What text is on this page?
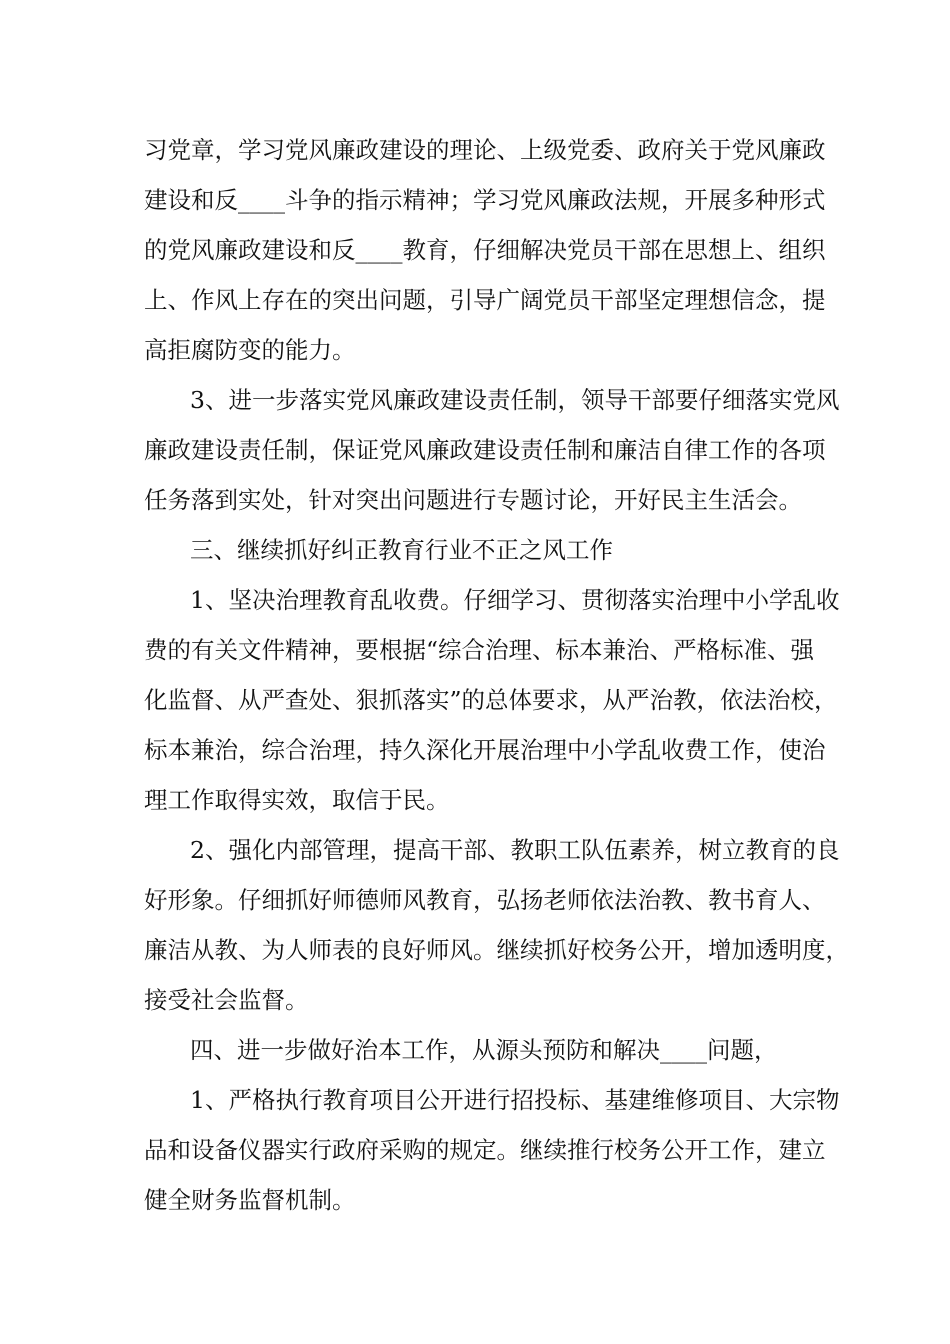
习党章，学习党风廉政建设的理论、上级党委、政府关于党风廉政
建设和反____斗争的指示精神；学习党风廉政法规，开展多种形式
的党风廉政建设和反____教育，仔细解决党员干部在思想上、组织
上、作风上存在的突出问题，引导广阔党员干部坚定理想信念，提
高拒腐防变的能力。
3、进一步落实党风廉政建设责任制，领导干部要仔细落实党风
廉政建设责任制，保证党风廉政建设责任制和廉洁自律工作的各项
任务落到实处，针对突出问题进行专题讨论，开好民主生活会。
三、继续抓好纠正教育行业不正之风工作
1、坚决治理教育乱收费。仔细学习、贯彻落实治理中小学乱收
费的有关文件精神，要根据“综合治理、标本兼治、严格标准、强
化监督、从严查处、狠抓落实”的总体要求，从严治教，依法治校，
标本兼治，综合治理，持久深化开展治理中小学乱收费工作，使治
理工作取得实效，取信于民。
2、强化内部管理，提高干部、教职工队伍素养，树立教育的良
好形象。仔细抓好师德师风教育，弘扬老师依法治教、教书育人、
廉洁从教、为人师表的良好师风。继续抓好校务公开，增加透明度，
接受社会监督。
四、进一步做好治本工作，从源头预防和解决____问题，
1、严格执行教育项目公开进行招投标、基建维修项目、大宗物
品和设备仪器实行政府采购的规定。继续推行校务公开工作，建立
健全财务监督机制。
